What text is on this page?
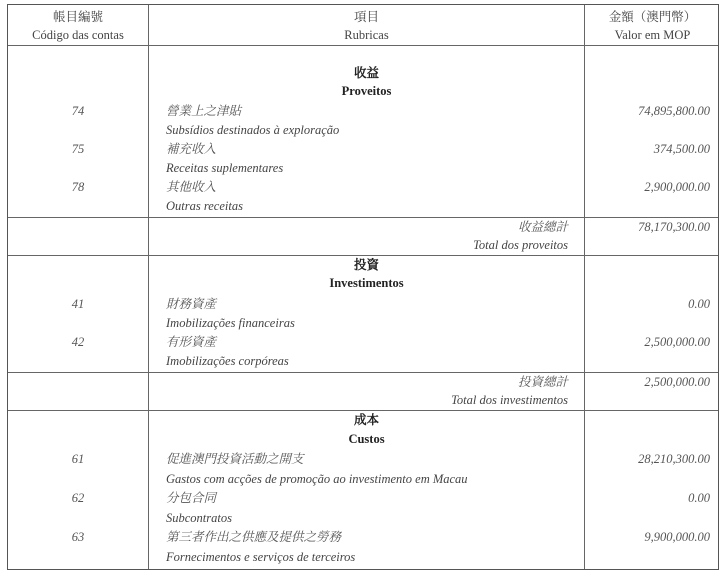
帳目編號
Código das contas
項目
Rubricas
金額（澳門幣）
Valor em MOP
收益
Proveitos
74	營業上之津貼	74,895,800.00
Subsídios destinados à exploração
75	補充收入	374,500.00
Receitas suplementares
78	其他收入	2,900,000.00
Outras receitas
收益總計	78,170,300.00
Total dos proveitos
投資
Investimentos
41	財務資產	0.00
Imobilizações financeiras
42	有形資產	2,500,000.00
Imobilizações corpóreas
投資總計	2,500,000.00
Total dos investimentos
成本
Custos
61	促進澳門投資活動之開支	28,210,300.00
Gastos com acções de promoção ao investimento em Macau
62	分包合同	0.00
Subcontratos
63	第三者作出之供應及提供之勞務	9,900,000.00
Fornecimentos e serviços de terceiros
